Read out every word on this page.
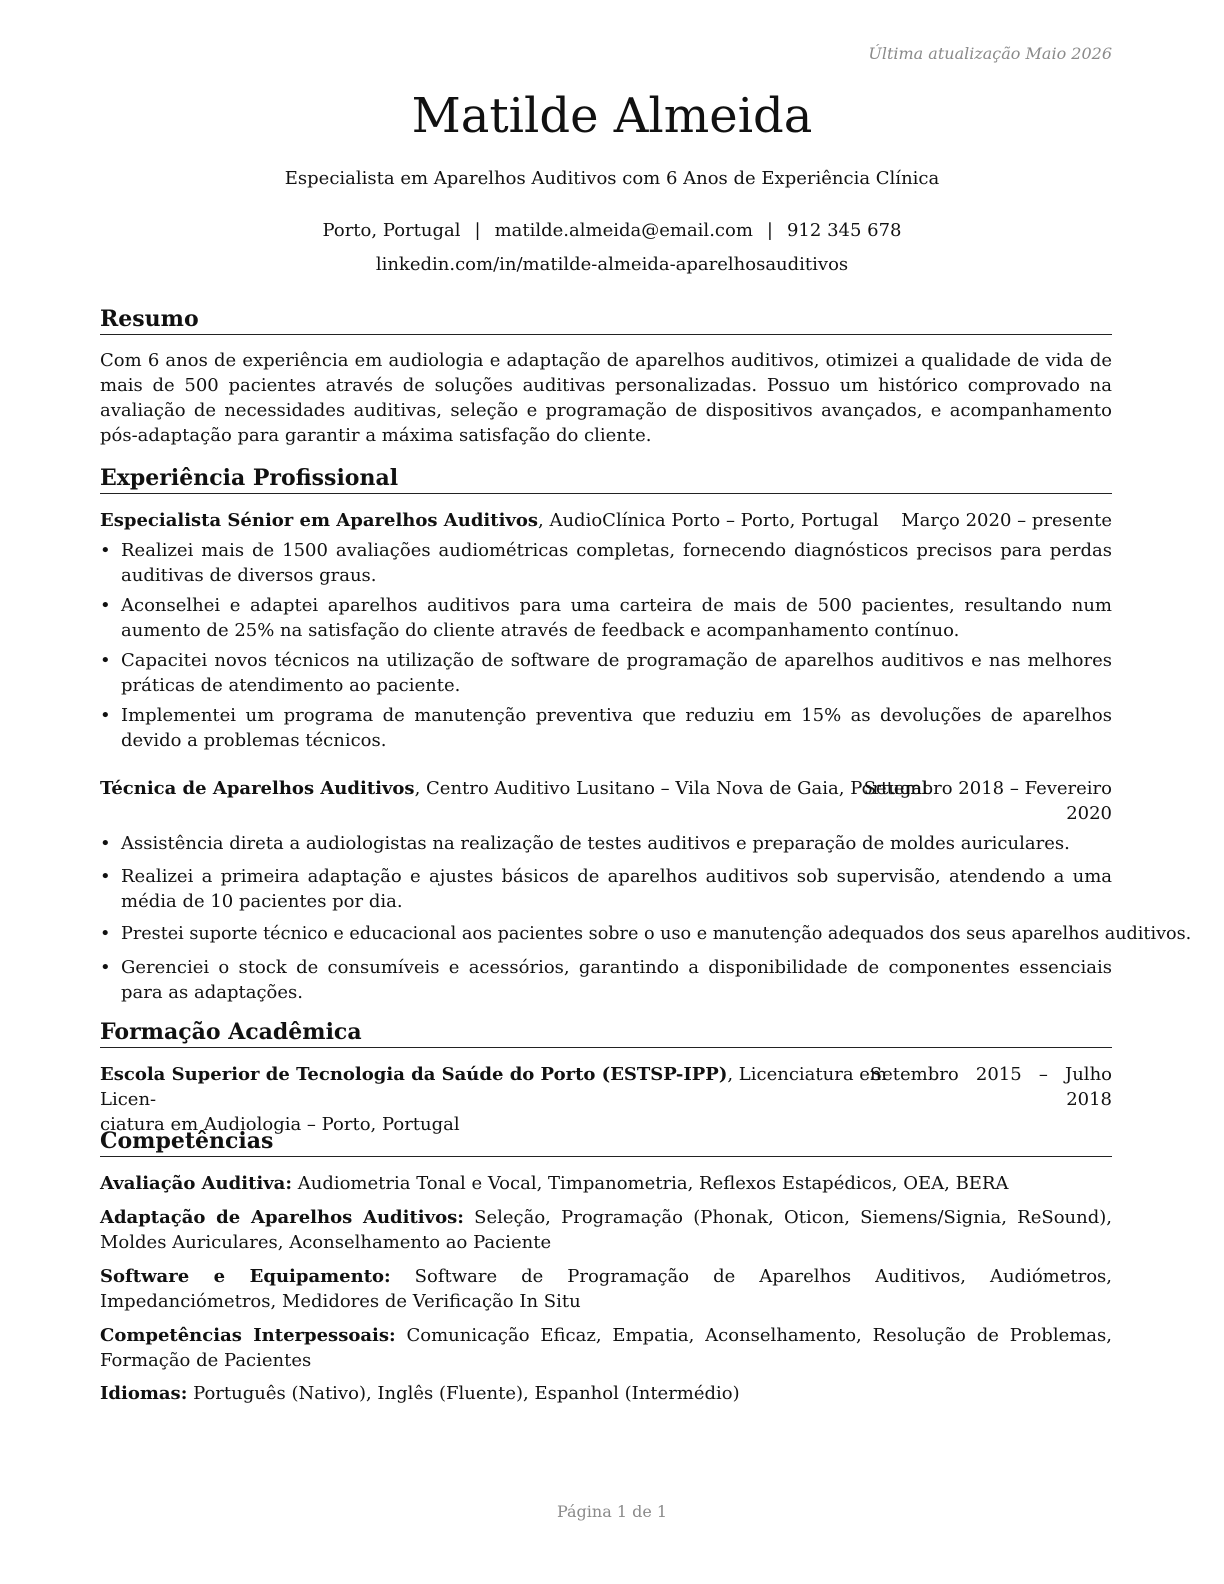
Última atualização Maio 2026
Matilde Almeida
Especialista em Aparelhos Auditivos com 6 Anos de Experiência Clínica
Porto, Portugal | matilde.almeida@email.com | 912 345 678
linkedin.com/in/matilde-almeida-aparelhosauditivos
Resumo

Com 6 anos de experiência em audiologia e adaptação de aparelhos auditivos, otimizei a qualidade de vida de mais de 500 pacientes através de soluções auditivas personalizadas. Possuo um histórico comprovado na avaliação de necessidades auditivas, seleção e programação de dispositivos avançados, e acompanhamento pós-adaptação para garantir a máxima satisfação do cliente.

Experiência Profissional
Especialista Sénior em Aparelhos Auditivos, AudioClínica Porto – Porto, Portugal Março 2020 – presente
• Realizei mais de 1500 avaliações audiométricas completas, fornecendo diagnósticos precisos para perdas auditivas de diversos graus.
• Aconselhei e adaptei aparelhos auditivos para uma carteira de mais de 500 pacientes, resultando num aumento de 25% na satisfação do cliente através de feedback e acompanhamento contínuo.
• Capacitei novos técnicos na utilização de software de programação de aparelhos auditivos e nas melhores práticas de atendimento ao paciente.
• Implementei um programa de manutenção preventiva que reduziu em 15% as devoluções de aparelhos devido a problemas técnicos.
Técnica de Aparelhos Auditivos, Centro Auditivo Lusitano – Vila Nova de Gaia, Portugal
Setembro 2018 – Fevereiro
2020
• Assistência direta a audiologistas na realização de testes auditivos e preparação de moldes auriculares.
• Realizei a primeira adaptação e ajustes básicos de aparelhos auditivos sob supervisão, atendendo a uma média de 10 pacientes por dia.
• Prestei suporte técnico e educacional aos pacientes sobre o uso e manutenção adequados dos seus aparelhos auditivos.
• Gerenciei o stock de consumíveis e acessórios, garantindo a disponibilidade de componentes essenciais para as adaptações.
Formação Acadêmica
Escola Superior de Tecnologia da Saúde do Porto (ESTSP-IPP), Licenciatura em Licen-
ciatura em Audiologia – Porto, Portugal
Setembro   2015   –   Julho
2018
Competências
Avaliação Auditiva: Audiometria Tonal e Vocal, Timpanometria, Reflexos Estapédicos, OEA, BERA
Adaptação de Aparelhos Auditivos: Seleção, Programação (Phonak, Oticon, Siemens/Signia, ReSound), Moldes Auriculares, Aconselhamento ao Paciente
Software e Equipamento: Software de Programação de Aparelhos Auditivos, Audiómetros, Impedanciómetros, Medidores de Verificação In Situ
Competências Interpessoais: Comunicação Eficaz, Empatia, Aconselhamento, Resolução de Problemas, Formação de Pacientes
Idiomas: Português (Nativo), Inglês (Fluente), Espanhol (Intermédio)
Página 1 de 1
